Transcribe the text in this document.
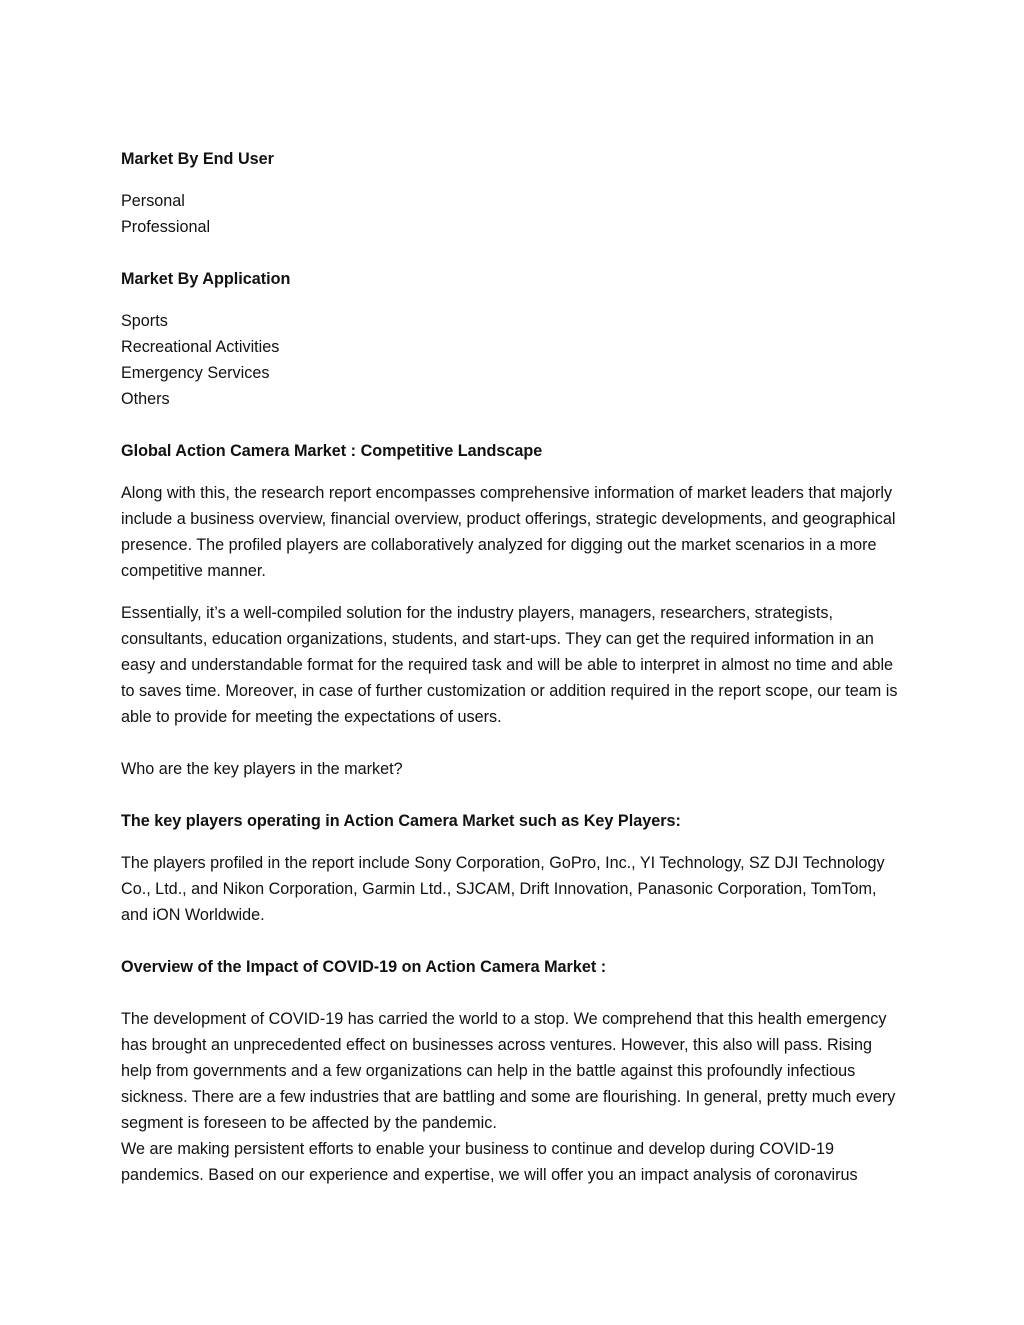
Market By End User
Personal
Professional
Market By Application
Sports
Recreational Activities
Emergency Services
Others
Global Action Camera Market : Competitive Landscape

Along with this, the research report encompasses comprehensive information of market leaders that majorly include a business overview, financial overview, product offerings, strategic developments, and geographical presence. The profiled players are collaboratively analyzed for digging out the market scenarios in a more competitive manner.

Essentially, it’s a well-compiled solution for the industry players, managers, researchers, strategists, consultants, education organizations, students, and start-ups. They can get the required information in an easy and understandable format for the required task and will be able to interpret in almost no time and able to saves time. Moreover, in case of further customization or addition required in the report scope, our team is able to provide for meeting the expectations of users.

Who are the key players in the market?

The key players operating in Action Camera Market such as Key Players:

The players profiled in the report include Sony Corporation, GoPro, Inc., YI Technology, SZ DJI Technology Co., Ltd., and Nikon Corporation, Garmin Ltd., SJCAM, Drift Innovation, Panasonic Corporation, TomTom, and iON Worldwide.

Overview of the Impact of COVID-19 on Action Camera Market :

The development of COVID-19 has carried the world to a stop. We comprehend that this health emergency has brought an unprecedented effect on businesses across ventures. However, this also will pass. Rising help from governments and a few organizations can help in the battle against this profoundly infectious sickness. There are a few industries that are battling and some are flourishing. In general, pretty much every segment is foreseen to be affected by the pandemic.

We are making persistent efforts to enable your business to continue and develop during COVID-19 pandemics. Based on our experience and expertise, we will offer you an impact analysis of coronavirus
